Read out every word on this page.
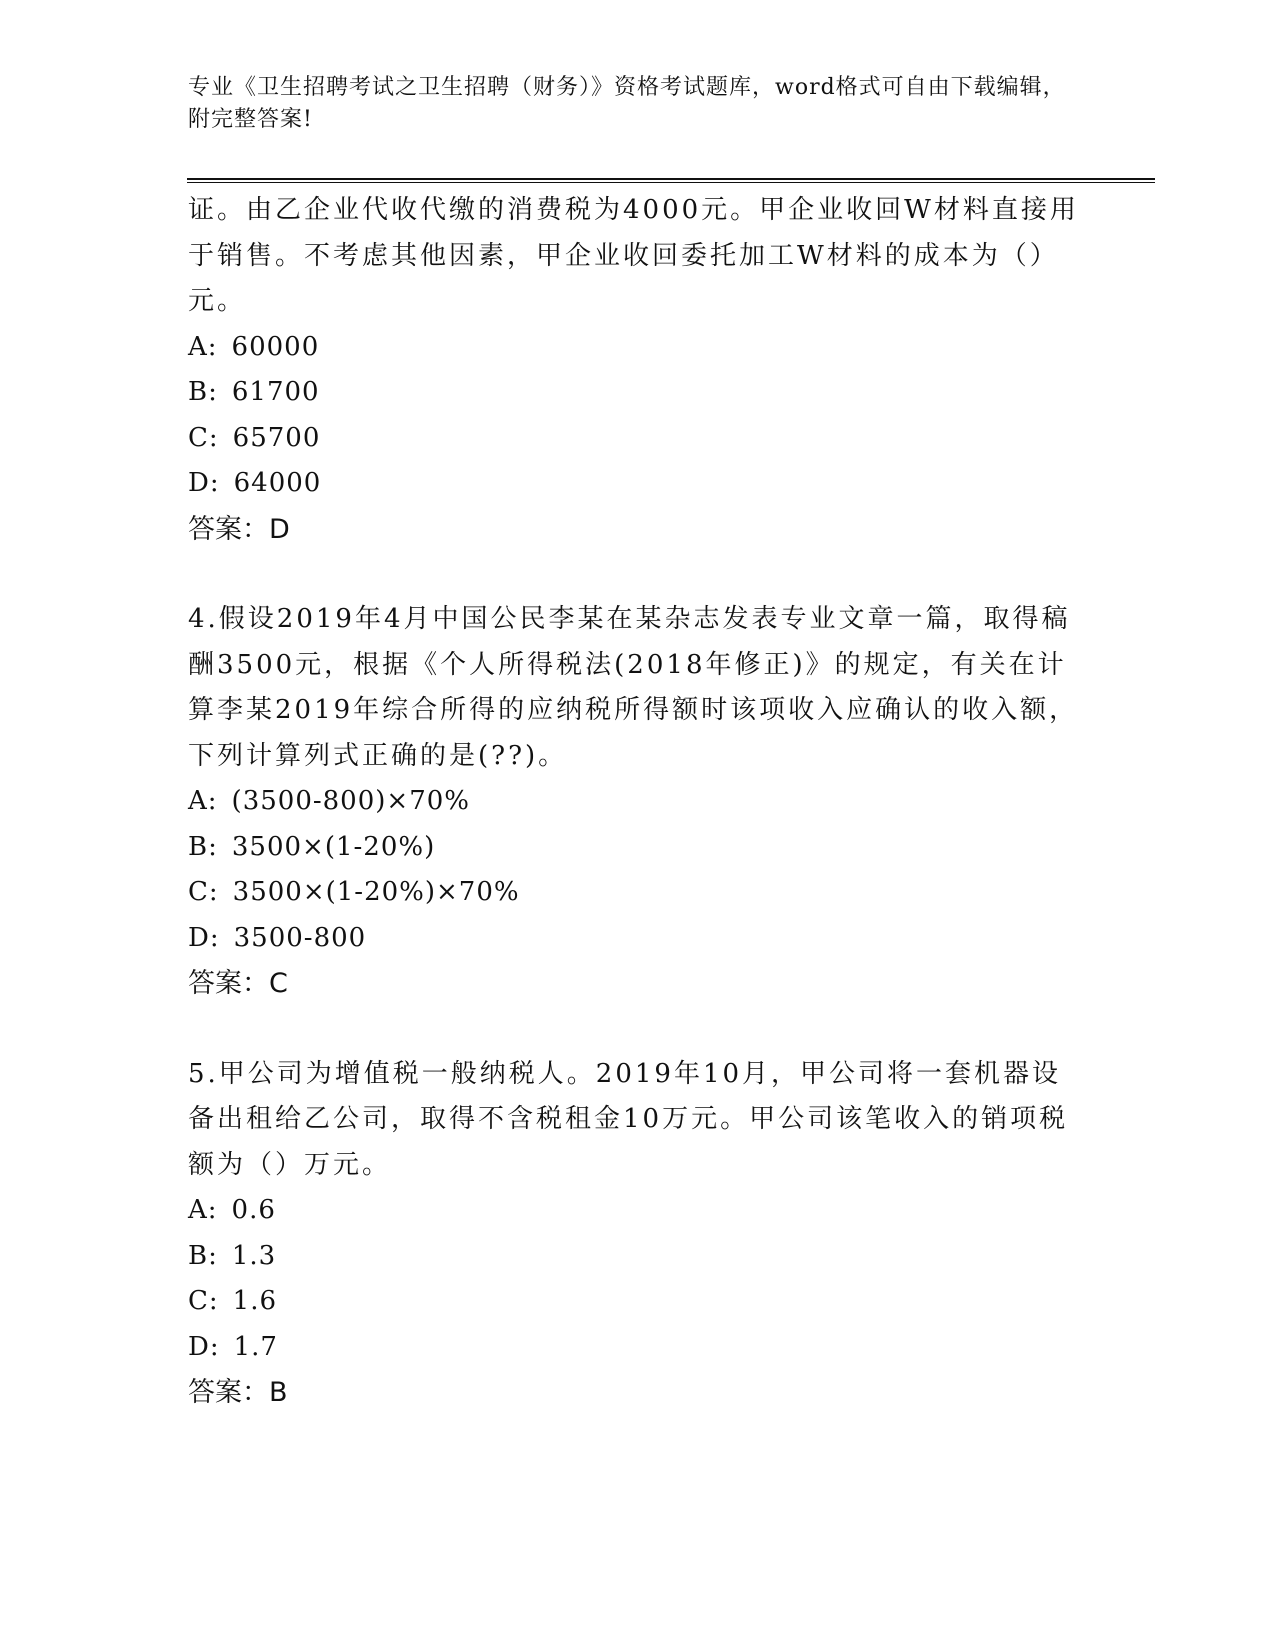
专业《卫生招聘考试之卫生招聘（财务）》资格考试题库，word格式可自由下载编辑，附完整答案!

证。由乙企业代收代缴的消费税为4000元。甲企业收回W材料直接用于销售。不考虑其他因素，甲企业收回委托加工W材料的成本为（）元。

A: 60000

B: 61700

C: 65700

D: 64000

答案：D

4.假设2019年4月中国公民李某在某杂志发表专业文章一篇，取得稿酬3500元，根据《个人所得税法(2018年修正)》的规定，有关在计算李某2019年综合所得的应纳税所得额时该项收入应确认的收入额，下列计算列式正确的是(??)。

A: (3500-800)×70%

B: 3500×(1-20%)

C: 3500×(1-20%)×70%

D: 3500-800

答案：C

5.甲公司为增值税一般纳税人。2019年10月，甲公司将一套机器设备出租给乙公司，取得不含税租金10万元。甲公司该笔收入的销项税额为（）万元。

A: 0.6

B: 1.3

C: 1.6

D: 1.7

答案：B
